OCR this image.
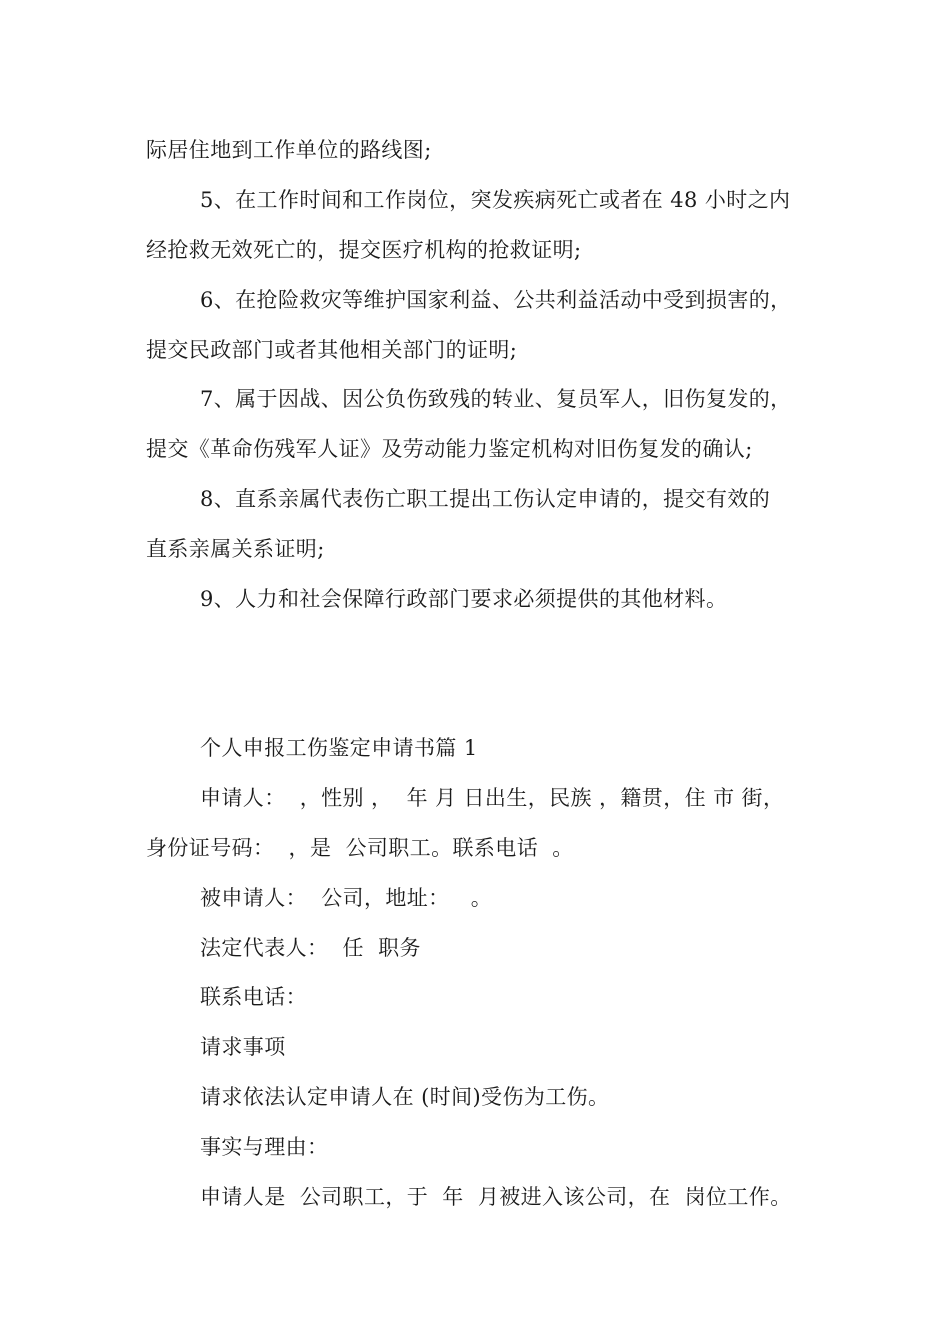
际居住地到工作单位的路线图;
5、在工作时间和工作岗位，突发疾病死亡或者在 48 小时之内
经抢救无效死亡的，提交医疗机构的抢救证明;
6、在抢险救灾等维护国家利益、公共利益活动中受到损害的，
提交民政部门或者其他相关部门的证明;
7、属于因战、因公负伤致残的转业、复员军人，旧伤复发的，
提交《革命伤残军人证》及劳动能力鉴定机构对旧伤复发的确认;
8、直系亲属代表伤亡职工提出工伤认定申请的，提交有效的
直系亲属关系证明;
9、人力和社会保障行政部门要求必须提供的其他材料。
个人申报工伤鉴定申请书篇 1
申请人：  ，性别 ，  年 月 日出生，民族 ，籍贯，住 市 街，
身份证号码：  ，是  公司职工。联系电话  。
被申请人：  公司，地址：   。
法定代表人：  任  职务
联系电话：
请求事项
请求依法认定申请人在 (时间)受伤为工伤。
事实与理由：
申请人是  公司职工，于  年  月被进入该公司，在  岗位工作。
